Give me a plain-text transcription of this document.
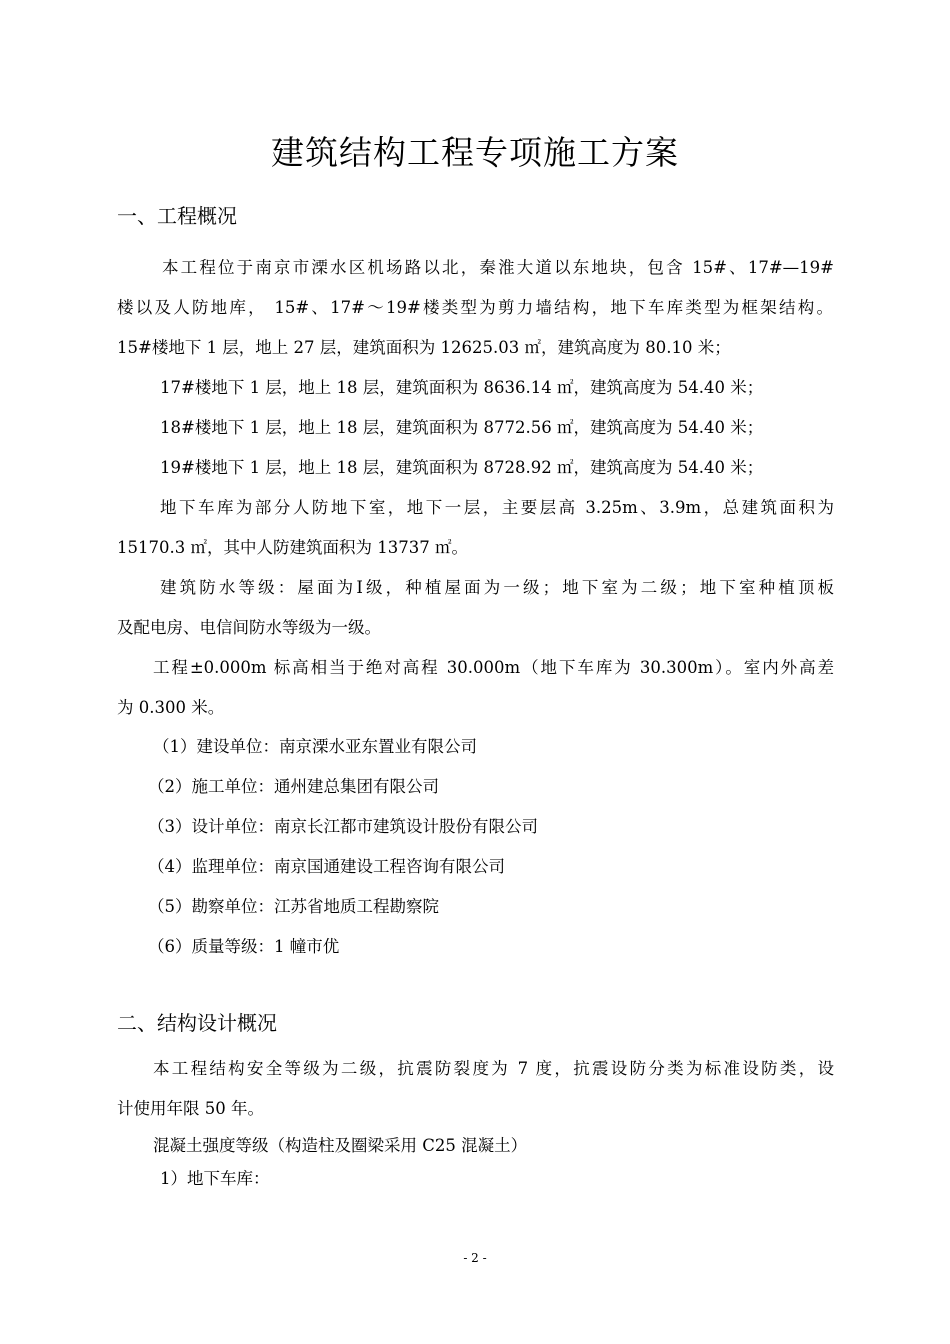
建筑结构工程专项施工方案
一、工程概况
本工程位于南京市溧水区机场路以北，秦淮大道以东地块，包含 15#、17#—19#
楼以及人防地库， 15#、17#～19#楼类型为剪力墙结构，地下车库类型为框架结构。
15#楼地下 1 层，地上 27 层，建筑面积为 12625.03 ㎡，建筑高度为 80.10 米；
17#楼地下 1 层，地上 18 层，建筑面积为 8636.14 ㎡，建筑高度为 54.40 米；
18#楼地下 1 层，地上 18 层，建筑面积为 8772.56 ㎡，建筑高度为 54.40 米；
19#楼地下 1 层，地上 18 层，建筑面积为 8728.92 ㎡，建筑高度为 54.40 米；
地下车库为部分人防地下室，地下一层，主要层高 3.25m、3.9m，总建筑面积为
15170.3 ㎡，其中人防建筑面积为 13737 ㎡。
建筑防水等级：屋面为Ⅰ级，种植屋面为一级；地下室为二级；地下室种植顶板
及配电房、电信间防水等级为一级。
工程±0.000m 标高相当于绝对高程 30.000m（地下车库为 30.300m）。室内外高差
为 0.300 米。
（1）建设单位：南京溧水亚东置业有限公司
（2）施工单位：通州建总集团有限公司
（3）设计单位：南京长江都市建筑设计股份有限公司
（4）监理单位：南京国通建设工程咨询有限公司
（5）勘察单位：江苏省地质工程勘察院
（6）质量等级：1 幢市优
二、结构设计概况
本工程结构安全等级为二级，抗震防裂度为 7 度，抗震设防分类为标准设防类，设
计使用年限 50 年。
混凝土强度等级（构造柱及圈梁采用 C25 混凝土）
1）地下车库：
- 2 -
